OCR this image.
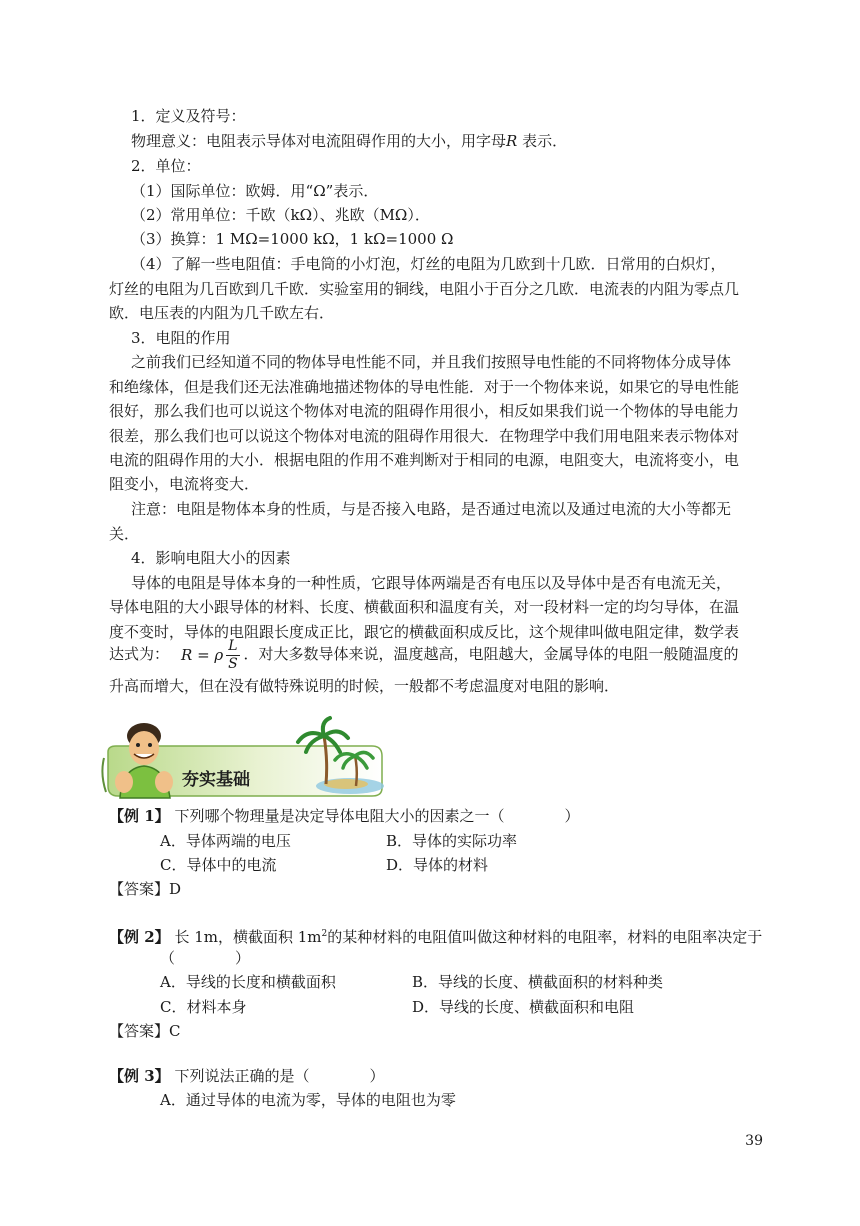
1．定义及符号：
物理意义：电阻表示导体对电流阻碍作用的大小，用字母R 表示．
2．单位：
（1）国际单位：欧姆．用“Ω”表示．
（2）常用单位：千欧（kΩ）、兆欧（MΩ）．
（3）换算：1 MΩ=1000 kΩ，1 kΩ=1000 Ω
（4）了解一些电阻值：手电筒的小灯泡，灯丝的电阻为几欧到十几欧．日常用的白炽灯，
灯丝的电阻为几百欧到几千欧．实验室用的铜线，电阻小于百分之几欧．电流表的内阻为零点几
欧．电压表的内阻为几千欧左右．
3．电阻的作用
之前我们已经知道不同的物体导电性能不同，并且我们按照导电性能的不同将物体分成导体
和绝缘体，但是我们还无法准确地描述物体的导电性能．对于一个物体来说，如果它的导电性能
很好，那么我们也可以说这个物体对电流的阻碍作用很小，相反如果我们说一个物体的导电能力
很差，那么我们也可以说这个物体对电流的阻碍作用很大．在物理学中我们用电阻来表示物体对
电流的阻碍作用的大小．根据电阻的作用不难判断对于相同的电源，电阻变大，电流将变小，电
阻变小，电流将变大．
注意：电阻是物体本身的性质，与是否接入电路，是否通过电流以及通过电流的大小等都无
关．
4．影响电阻大小的因素
导体的电阻是导体本身的一种性质，它跟导体两端是否有电压以及导体中是否有电流无关，
导体电阻的大小跟导体的材料、长度、横截面积和温度有关，对一段材料一定的均匀导体，在温
度不变时，导体的电阻跟长度成正比，跟它的横截面积成反比，这个规律叫做电阻定律，数学表
达式为： R = ρ $\frac{L}{S}$ ．对大多数导体来说，温度越高，电阻越大，金属导体的电阻一般随温度的
升高而增大，但在没有做特殊说明的时候，一般都不考虑温度对电阻的影响．
夯实基础
【例 1】 下列哪个物理量是决定导体电阻大小的因素之一（　　　　）
A．导体两端的电压	B．导体的实际功率
C．导体中的电流	D．导体的材料
【答案】D
【例 2】 长 1m，横截面积 $1m^2$的某种材料的电阻值叫做这种材料的电阻率，材料的电阻率决定于
（　　　　）
A．导线的长度和横截面积	B．导线的长度、横截面积的材料种类
C．材料本身	D．导线的长度、横截面积和电阻
【答案】C
【例 3】 下列说法正确的是（　　　　）
A．通过导体的电流为零，导体的电阻也为零
39
